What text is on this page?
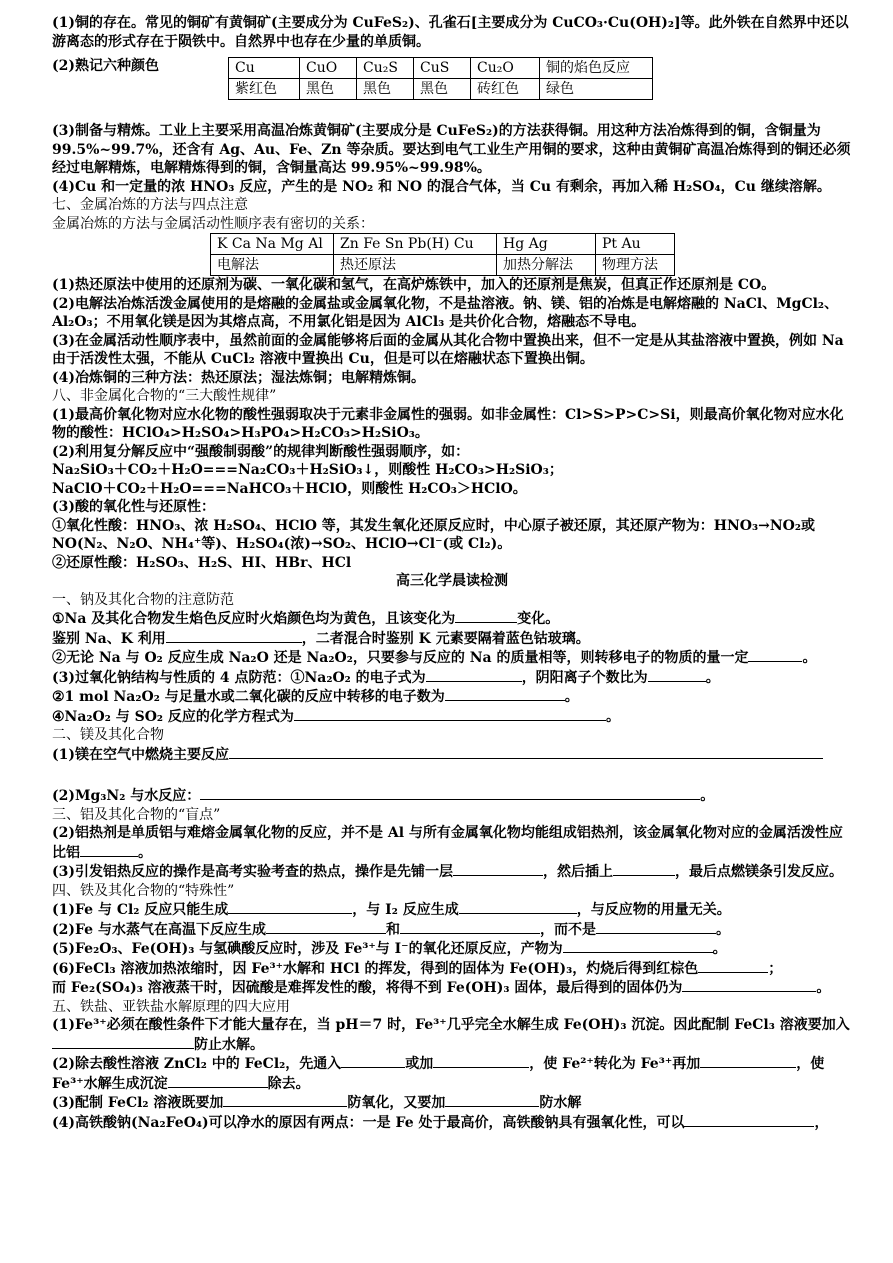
(1)铜的存在。常见的铜矿有黄铜矿(主要成分为 CuFeS₂)、孔雀石[主要成分为 CuCO₃·Cu(OH)₂]等。此外铁在自然界中还以游离态的形式存在于陨铁中。自然界中也存在少量的单质铜。

(2)熟记六种颜色	Cu	CuO	Cu₂S	CuS	Cu₂O	铜的焰色反应
紫红色	黑色	黑色	黑色	砖红色	绿色

(3)制备与精炼。工业上主要采用高温冶炼黄铜矿(主要成分是 CuFeS₂)的方法获得铜。用这种方法冶炼得到的铜，含铜量为 99.5%~99.7%，还含有 Ag、Au、Fe、Zn 等杂质。要达到电气工业生产用铜的要求，这种由黄铜矿高温冶炼得到的铜还必须经过电解精炼，电解精炼得到的铜，含铜量高达 99.95%~99.98%。

(4)Cu 和一定量的浓 HNO₃ 反应，产生的是 NO₂ 和 NO 的混合气体，当 Cu 有剩余，再加入稀 H₂SO₄，Cu 继续溶解。

七、金属冶炼的方法与四点注意

金属冶炼的方法与金属活动性顺序表有密切的关系：

K Ca Na Mg Al	Zn Fe Sn Pb(H) Cu	Hg Ag	Pt Au
电解法	热还原法	加热分解法	物理方法

(1)热还原法中使用的还原剂为碳、一氧化碳和氢气，在高炉炼铁中，加入的还原剂是焦炭，但真正作还原剂是 CO。

(2)电解法冶炼活泼金属使用的是熔融的金属盐或金属氧化物，不是盐溶液。钠、镁、铝的冶炼是电解熔融的 NaCl、MgCl₂、Al₂O₃；不用氧化镁是因为其熔点高，不用氯化铝是因为 AlCl₃ 是共价化合物，熔融态不导电。

(3)在金属活动性顺序表中，虽然前面的金属能够将后面的金属从其化合物中置换出来，但不一定是从其盐溶液中置换，例如 Na 由于活泼性太强，不能从 CuCl₂ 溶液中置换出 Cu，但是可以在熔融状态下置换出铜。

(4)冶炼铜的三种方法：热还原法；湿法炼铜；电解精炼铜。

八、非金属化合物的“三大酸性规律”

(1)最高价氧化物对应水化物的酸性强弱取决于元素非金属性的强弱。如非金属性：Cl>S>P>C>Si，则最高价氧化物对应水化物的酸性：HClO₄>H₂SO₄>H₃PO₄>H₂CO₃>H₂SiO₃。

(2)利用复分解反应中“强酸制弱酸”的规律判断酸性强弱顺序，如：

Na₂SiO₃＋CO₂＋H₂O===Na₂CO₃＋H₂SiO₃↓，则酸性 H₂CO₃>H₂SiO₃；

NaClO＋CO₂＋H₂O===NaHCO₃＋HClO，则酸性 H₂CO₃＞HClO。

(3)酸的氧化性与还原性：

①氧化性酸：HNO₃、浓 H₂SO₄、HClO 等，其发生氧化还原反应时，中心原子被还原，其还原产物为：HNO₃→NO₂或 NO(N₂、N₂O、NH₄⁺等)、H₂SO₄(浓)→SO₂、HClO→Cl⁻(或 Cl₂)。

②还原性酸：H₂SO₃、H₂S、HI、HBr、HCl

高三化学晨读检测

一、钠及其化合物的注意防范

①Na 及其化合物发生焰色反应时火焰颜色均为黄色，且该变化为	变化。

鉴别 Na、K 利用	，二者混合时鉴别 K 元素要隔着蓝色钴玻璃。

②无论 Na 与 O₂ 反应生成 Na₂O 还是 Na₂O₂，只要参与反应的 Na 的质量相等，则转移电子的物质的量一定	。

(3)过氧化钠结构与性质的 4 点防范：①Na₂O₂ 的电子式为	，阴阳离子个数比为	。

②1 mol Na₂O₂ 与足量水或二氧化碳的反应中转移的电子数为	。

④Na₂O₂ 与 SO₂ 反应的化学方程式为	。

二、镁及其化合物

(1)镁在空气中燃烧主要反应

(2)Mg₃N₂ 与水反应：	。

三、铝及其化合物的“盲点”

(2)铝热剂是单质铝与难熔金属氧化物的反应，并不是 Al 与所有金属氧化物均能组成铝热剂，该金属氧化物对应的金属活泼性应比铝	。

(3)引发铝热反应的操作是高考实验考查的热点，操作是先铺一层	，然后插上	，最后点燃镁条引发反应。

四、铁及其化合物的“特殊性”

(1)Fe 与 Cl₂ 反应只能生成	，与 I₂ 反应生成	，与反应物的用量无关。

(2)Fe 与水蒸气在高温下反应生成	和	，而不是	。

(5)Fe₂O₃、Fe(OH)₃ 与氢碘酸反应时，涉及 Fe³⁺与 I⁻的氧化还原反应，产物为	。

(6)FeCl₃ 溶液加热浓缩时，因 Fe³⁺水解和 HCl 的挥发，得到的固体为 Fe(OH)₃，灼烧后得到红棕色	；

而 Fe₂(SO₄)₃ 溶液蒸干时，因硫酸是难挥发性的酸，将得不到 Fe(OH)₃ 固体，最后得到的固体仍为	。

五、铁盐、亚铁盐水解原理的四大应用

(1)Fe³⁺必须在酸性条件下才能大量存在，当 pH＝7 时，Fe³⁺几乎完全水解生成 Fe(OH)₃ 沉淀。因此配制 FeCl₃ 溶液要加入防止水解。

(2)除去酸性溶液 ZnCl₂ 中的 FeCl₂，先通入	或加	，使 Fe²⁺转化为 Fe³⁺再加	，使 Fe³⁺水解生成沉淀	除去。

(3)配制 FeCl₂ 溶液既要加	防氧化，又要加	防水解

(4)高铁酸钠(Na₂FeO₄)可以净水的原因有两点：一是 Fe 处于最高价，高铁酸钠具有强氧化性，可以	，
